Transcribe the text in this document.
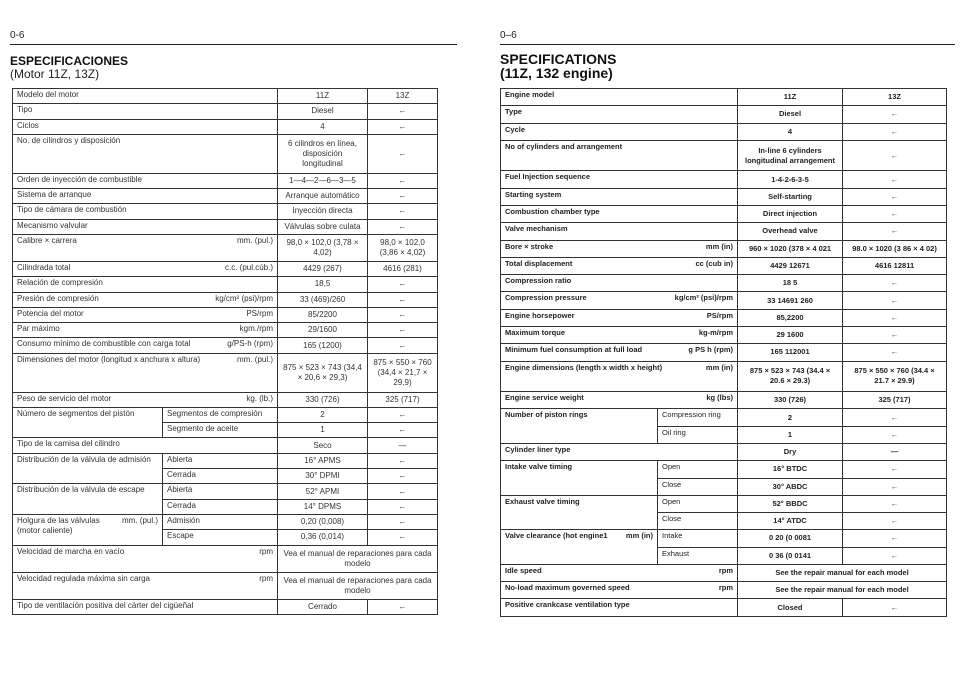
0-6
ESPECIFICACIONES
(Motor 11Z, 13Z)
Modelo del motor		11Z	13Z
Tipo		Diesel	←
Ciclos		4	←
No. de cilindros y disposición		6 cilindros en línea, disposición longitudinal	←
Orden de inyección de combustible		1—4—2—6—3—5	←
Sistema de arranque		Arranque automático	←
Tipo de cámara de combustión		Inyección directa	←
Mecanismo valvular		Válvulas sobre culata	←

mm. (pul.)
Calibre × carrera		98,0 × 102,0 (3,78 × 4,02)	98,0 × 102,0 (3,86 × 4,02)

c.c. (pul.cúb.)
Cilindrada total		4429 (267)	4616 (281)
Relación de compresión		18,5	←

kg/cm² (psi)/rpm
Presión de compresión		33 (469)/260	←

PS/rpm
Potencia del motor		85/2200	←

kgm./rpm
Par máximo		29/1600	←

g/PS-h (rpm)
Consumo mínimo de combustible con carga total		165 (1200)	←

mm. (pul.)
Dimensiones del motor (longitud x anchura x altura)		875 × 523 × 743 (34,4 × 20,6 × 29,3)	875 × 550 × 760 (34,4 × 21,7 × 29,9)

kg. (lb.)
Peso de servicio del motor		330 (726)	325 (717)
Número de segmentos del pistón	Segmentos de compresión	2	←
	Segmento de aceite	1	←
Tipo de la camisa del cilindro		Seco	—
Distribución de la válvula de admisión	Abierta	16° APMS	←
	Cerrada	30° DPMI	←
Distribución de la válvula de escape	Abierta	52° APMI	←
	Cerrada	14° DPMS	←

mm. (pul.)
Holgura de las válvulas (motor caliente)	Admisión	0,20 (0,008)	←
	Escape	0,36 (0,014)	←

rpm
Velocidad de marcha en vacío		Vea el manual de reparaciones para cada modelo	

rpm
Velocidad regulada máxima sin carga		Vea el manual de reparaciones para cada modelo	
Tipo de ventilación positiva del cárter del cigüeñal		Cerrado	←
0–6
SPECIFICATIONS
(11Z, 132 engine)
Engine model		11Z	13Z
Type		Diesel	←
Cycle		4	←
No of cylinders and arrangement		In-line 6 cylinders longitudinal arrangement	←
Fuel Injection sequence		1-4-2-6-3-5	←
Starting system		Self-starting	←
Combustion chamber type		Direct injection	←
Valve mechanism		Overhead valve	←

mm (in)
Bore × stroke		960 × 1020 (378 × 4 021	98.0 × 1020 (3 86 × 4 02)

cc (cub in)
Total displacement		4429 12671	4616 12811
Compression ratio		18 5	←

kg/cm² (psi)/rpm
Compression pressure		33 14691 260	←

PS/rpm
Engine horsepower		85,2200	←

kg-m/rpm
Maximum torque		29 1600	←

g PS h (rpm)
Minimum fuel consumption at full load		165 112001	←

mm (in)
Engine dimensions (length x width x height)		875 × 523 × 743 (34.4 × 20.6 × 29.3)	875 × 550 × 760 (34.4 × 21.7 × 29.9)

kg (lbs)
Engine service weight		330 (726)	325 (717)
Number of piston rings	Compression ring	2	←
	Oil ring	1	←
Cylinder liner type		Dry	—
Intake valve timing	Open	16° BTDC	←
	Close	30° ABDC	←
Exhaust valve timing	Open	52° BBDC	←
	Close	14° ATDC	←

mm (in)
Valve clearance (hot engine1	Intake	0 20 (0 0081	←
	Exhaust	0 36 (0 0141	←

rpm
Idle speed		See the repair manual for each model	

rpm
No-load maximum governed speed		See the repair manual for each model	
Positive crankcase ventilation type		Closed	←
